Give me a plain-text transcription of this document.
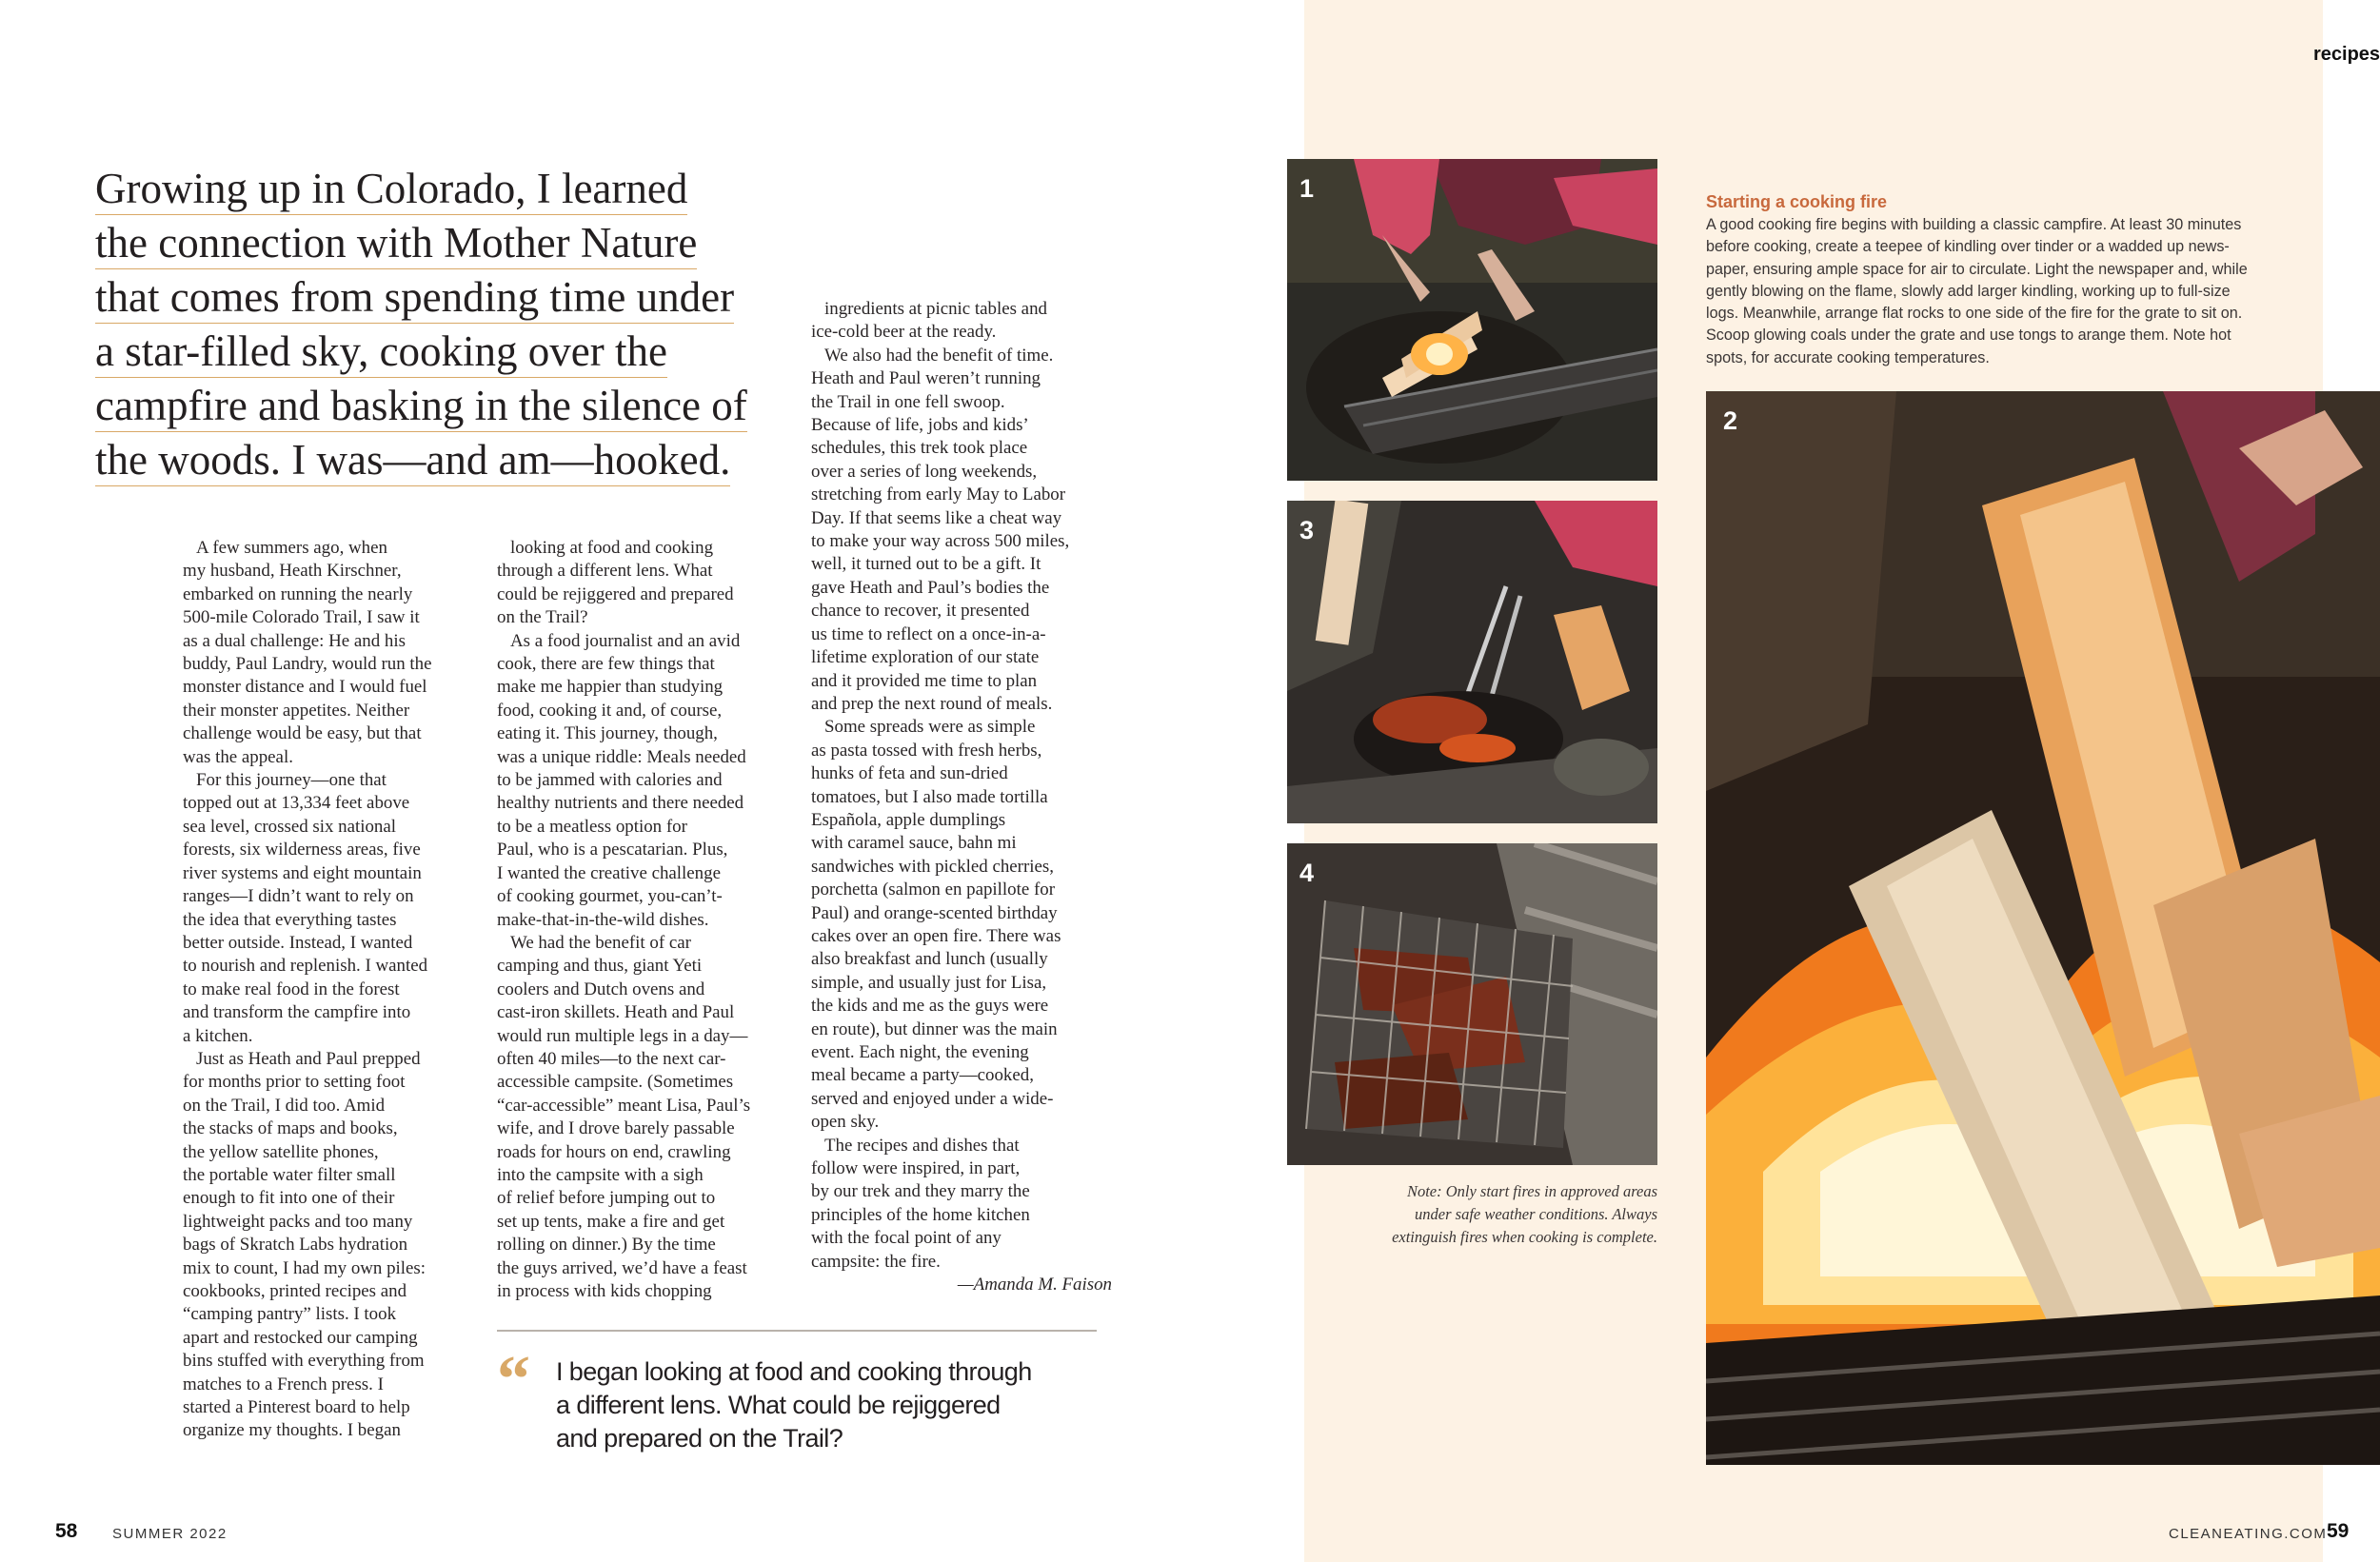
recipes
Growing up in Colorado, I learned
the connection with Mother Nature
that comes from spending time under
a star-filled sky, cooking over the
campfire and basking in the silence of
the woods. I was—and am—hooked.

A few summers ago, when
my husband, Heath Kirschner,
embarked on running the nearly
500-mile Colorado Trail, I saw it
as a dual challenge: He and his
buddy, Paul Landry, would run the
monster distance and I would fuel
their monster appetites. Neither
challenge would be easy, but that
was the appeal.

For this journey—one that
topped out at 13,334 feet above
sea level, crossed six national
forests, six wilderness areas, five
river systems and eight mountain
ranges—I didn’t want to rely on
the idea that everything tastes
better outside. Instead, I wanted
to nourish and replenish. I wanted
to make real food in the forest
and transform the campfire into
a kitchen.

Just as Heath and Paul prepped
for months prior to setting foot
on the Trail, I did too. Amid
the stacks of maps and books,
the yellow satellite phones,
the portable water filter small
enough to fit into one of their
lightweight packs and too many
bags of Skratch Labs hydration
mix to count, I had my own piles:
cookbooks, printed recipes and
“camping pantry” lists. I took
apart and restocked our camping
bins stuffed with everything from
matches to a French press. I
started a Pinterest board to help
organize my thoughts. I began

looking at food and cooking
through a different lens. What
could be rejiggered and prepared
on the Trail?

As a food journalist and an avid
cook, there are few things that
make me happier than studying
food, cooking it and, of course,
eating it. This journey, though,
was a unique riddle: Meals needed
to be jammed with calories and
healthy nutrients and there needed
to be a meatless option for
Paul, who is a pescatarian. Plus,
I wanted the creative challenge
of cooking gourmet, you-can’t-
make-that-in-the-wild dishes.

We had the benefit of car
camping and thus, giant Yeti
coolers and Dutch ovens and
cast-iron skillets. Heath and Paul
would run multiple legs in a day—
often 40 miles—to the next car-
accessible campsite. (Sometimes
“car-accessible” meant Lisa, Paul’s
wife, and I drove barely passable
roads for hours on end, crawling
into the campsite with a sigh
of relief before jumping out to
set up tents, make a fire and get
rolling on dinner.) By the time
the guys arrived, we’d have a feast
in process with kids chopping

ingredients at picnic tables and
ice-cold beer at the ready.

We also had the benefit of time.
Heath and Paul weren’t running
the Trail in one fell swoop.
Because of life, jobs and kids’
schedules, this trek took place
over a series of long weekends,
stretching from early May to Labor
Day. If that seems like a cheat way
to make your way across 500 miles,
well, it turned out to be a gift. It
gave Heath and Paul’s bodies the
chance to recover, it presented
us time to reflect on a once-in-a-
lifetime exploration of our state
and it provided me time to plan
and prep the next round of meals.

Some spreads were as simple
as pasta tossed with fresh herbs,
hunks of feta and sun-dried
tomatoes, but I also made tortilla
Española, apple dumplings
with caramel sauce, bahn mi
sandwiches with pickled cherries,
porchetta (salmon en papillote for
Paul) and orange-scented birthday
cakes over an open fire. There was
also breakfast and lunch (usually
simple, and usually just for Lisa,
the kids and me as the guys were
en route), but dinner was the main
event. Each night, the evening
meal became a party—cooked,
served and enjoyed under a wide-
open sky.

The recipes and dishes that
follow were inspired, in part,
by our trek and they marry the
principles of the home kitchen
with the focal point of any
campsite: the fire.

—Amanda M. Faison

“ I began looking at food and cooking through
a different lens. What could be rejiggered
and prepared on the Trail?
Starting a cooking fire
A good cooking fire begins with building a classic campfire. At least 30 minutes
before cooking, create a teepee of kindling over tinder or a wadded up news-
paper, ensuring ample space for air to circulate. Light the newspaper and, while
gently blowing on the flame, slowly add larger kindling, working up to full-size
logs. Meanwhile, arrange flat rocks to one side of the fire for the grate to sit on.
Scoop glowing coals under the grate and use tongs to arange them. Note hot
spots, for accurate cooking temperatures.
1
3
4
2
Note: Only start fires in approved areas
under safe weather conditions. Always
extinguish fires when cooking is complete.
58 SUMMER 2022	CLEANEATING.COM 59
